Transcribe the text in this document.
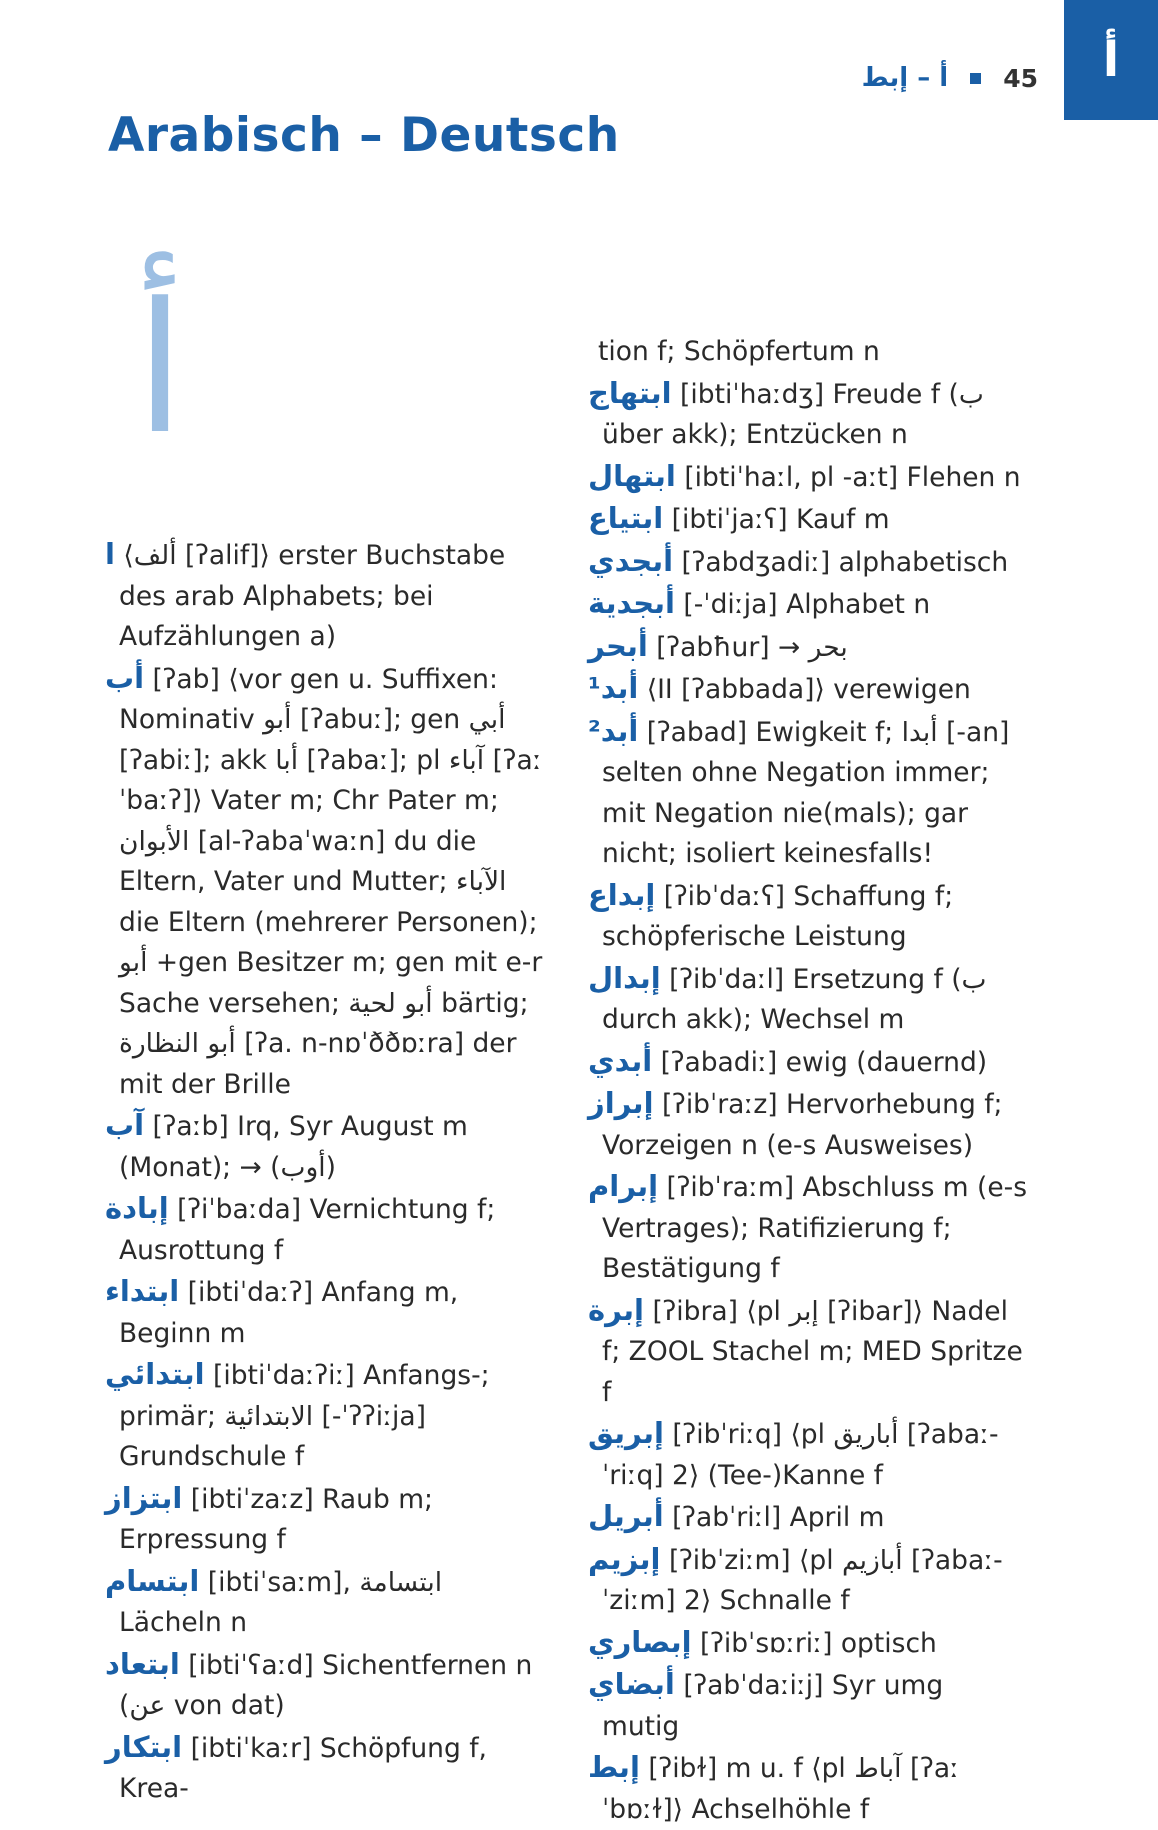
أ
أ – إبط 45
Arabisch – Deutsch
أ

ا ⟨ألف [ʔalif]⟩ erster Buchstabe des arab Alphabets; bei Aufzählungen a)

أب [ʔab] ⟨vor gen u. Suffixen: Nominativ أبو [ʔabuː]; gen أبي [ʔabiː]; akk أبا [ʔabaː]; pl آباء [ʔaːˈbaːʔ]⟩ Vater m; Chr Pater m; الأبوان [al-ʔabaˈwaːn] du die Eltern, Vater und Mutter; الآباء die Eltern (mehrerer Personen); أبو +gen Besitzer m; gen mit e-r Sache versehen; أبو لحية bärtig; أبو النظارة [ʔa. n-nɒˈððɒːra] der mit der Brille

آب [ʔaːb] Irq, Syr August m (Monat); → (أوب)

إبادة [ʔiˈbaːda] Vernichtung f; Ausrottung f

ابتداء [ibtiˈdaːʔ] Anfang m, Beginn m

ابتدائي [ibtiˈdaːʔiː] Anfangs-; primär; الابتدائية [-ˈʔʔiːja] Grundschule f

ابتزاز [ibtiˈzaːz] Raub m; Erpressung f

ابتسام [ibtiˈsaːm], ابتسامة Lächeln n

ابتعاد [ibtiˈʕaːd] Sichentfernen n (عن von dat)

ابتكار [ibtiˈkaːr] Schöpfung f, Krea-

tion f; Schöpfertum n

ابتهاج [ibtiˈhaːdʒ] Freude f (ب über akk); Entzücken n

ابتهال [ibtiˈhaːl, pl -aːt] Flehen n

ابتياع [ibtiˈjaːʕ] Kauf m

أبجدي [ʔabdʒadiː] alphabetisch

أبجدية [-ˈdiːja] Alphabet n

أبحر [ʔabħur] → بحر

¹أبد ⟨II [ʔabbada]⟩ verewigen

²أبد [ʔabad] Ewigkeit f; أبدا [-an] selten ohne Negation immer; mit Negation nie(mals); gar nicht; isoliert keinesfalls!

إبداع [ʔibˈdaːʕ] Schaffung f; schöpferische Leistung

إبدال [ʔibˈdaːl] Ersetzung f (ب durch akk); Wechsel m

أبدي [ʔabadiː] ewig (dauernd)

إبراز [ʔibˈraːz] Hervorhebung f; Vorzeigen n (e-s Ausweises)

إبرام [ʔibˈraːm] Abschluss m (e-s Vertrages); Ratifizierung f; Bestätigung f

إبرة [ʔibra] ⟨pl إبر [ʔibar]⟩ Nadel f; ZOOL Stachel m; MED Spritze f

إبريق [ʔibˈriːq] ⟨pl أباريق [ʔabaː-ˈriːq] 2⟩ (Tee-)Kanne f

أبريل [ʔabˈriːl] April m

إبزيم [ʔibˈziːm] ⟨pl أبازيم [ʔabaː-ˈziːm] 2⟩ Schnalle f

إبصاري [ʔibˈsɒːriː] optisch

أبضاي [ʔabˈdaːiːj] Syr umg mutig

إبط [ʔibɫ] m u. f ⟨pl آباط [ʔaːˈbɒːɫ]⟩ Achselhöhle f
